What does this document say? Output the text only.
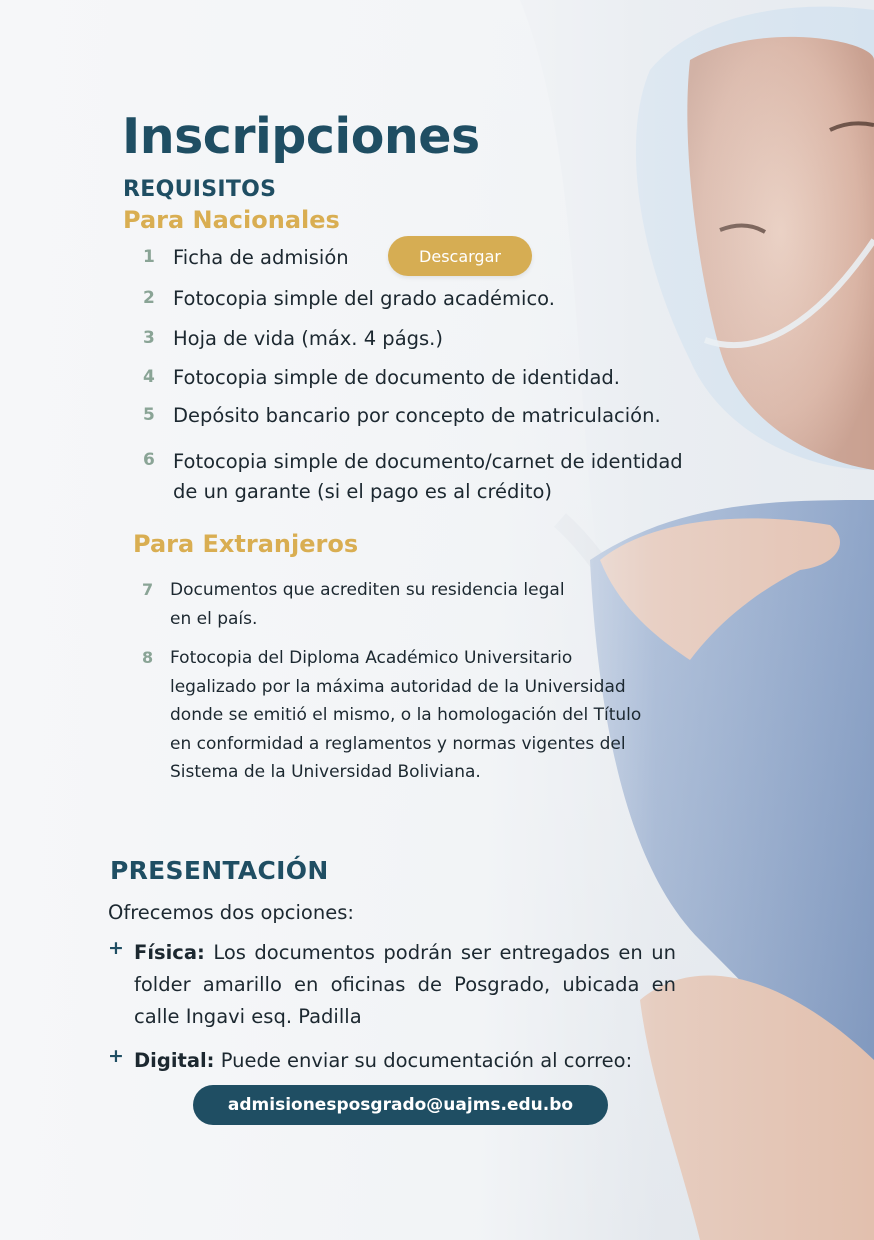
Inscripciones
REQUISITOS
Para Nacionales
1 Ficha de admisión	Descargar
2 Fotocopia simple del grado académico.
3 Hoja de vida (máx. 4 págs.)
4 Fotocopia simple de documento de identidad.
5 Depósito bancario por concepto de matriculación.
6 Fotocopia simple de documento/carnet de identidad de un garante (si el pago es al crédito)
Para Extranjeros
7 Documentos que acrediten su residencia legal en el país.
8 Fotocopia del Diploma Académico Universitario legalizado por la máxima autoridad de la Universidad donde se emitió el mismo, o la homologación del Título en conformidad a reglamentos y normas vigentes del Sistema de la Universidad Boliviana.
PRESENTACIÓN
Ofrecemos dos opciones:
+ Física: Los documentos podrán ser entregados en un folder amarillo en oficinas de Posgrado, ubicada en calle Ingavi esq. Padilla
+ Digital: Puede enviar su documentación al correo:
admisionesposgrado@uajms.edu.bo
